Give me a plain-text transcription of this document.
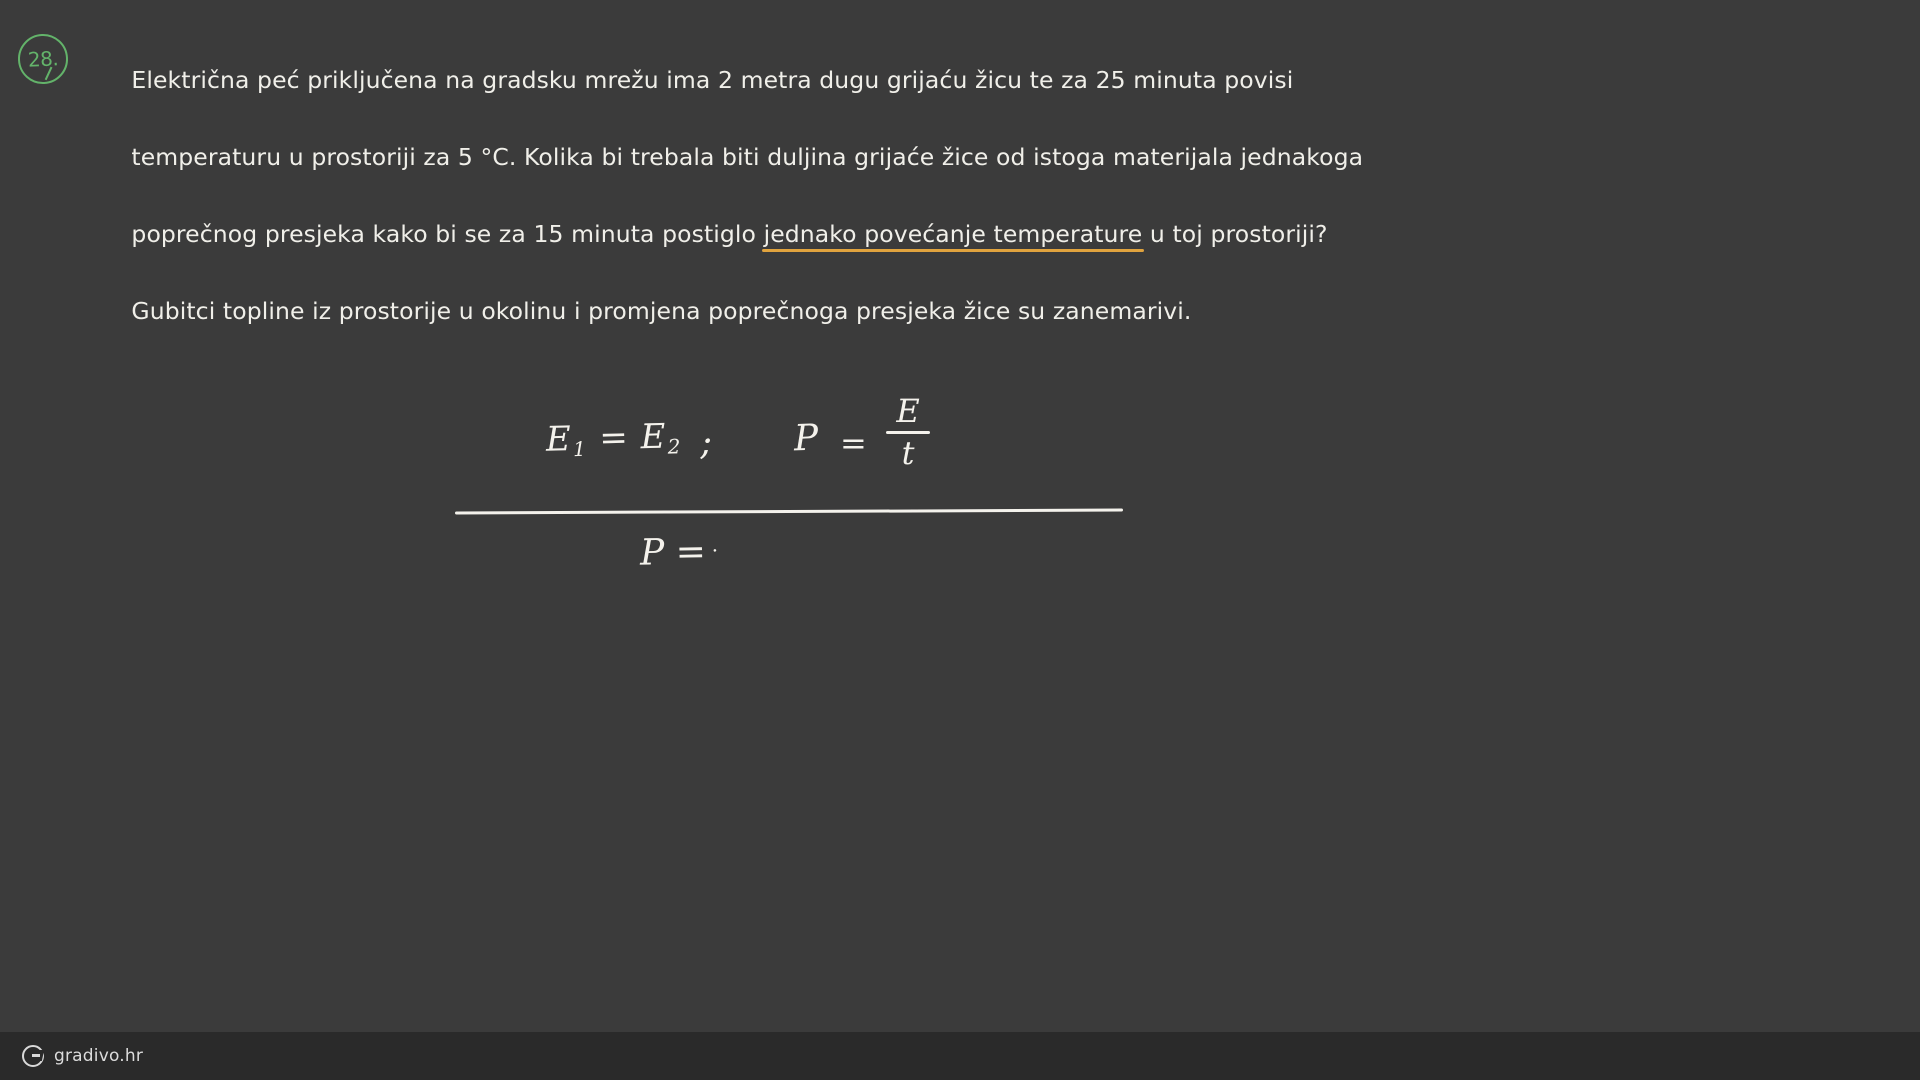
28.

Električna peć priključena na gradsku mrežu ima 2 metra dugu grijaću žicu te za 25 minuta povisi

temperaturu u prostoriji za 5 °C. Kolika bi trebala biti duljina grijaće žice od istoga materijala jednakoga

poprečnog presjeka kako bi se za 15 minuta postiglo jednako povećanje temperature u toj prostoriji?

Gubitci topline iz prostorije u okolinu i promjena poprečnoga presjeka žice su zanemarivi.

$E_1 = E_2$ ; P =
E
t
P = ·
gradivo.hr
